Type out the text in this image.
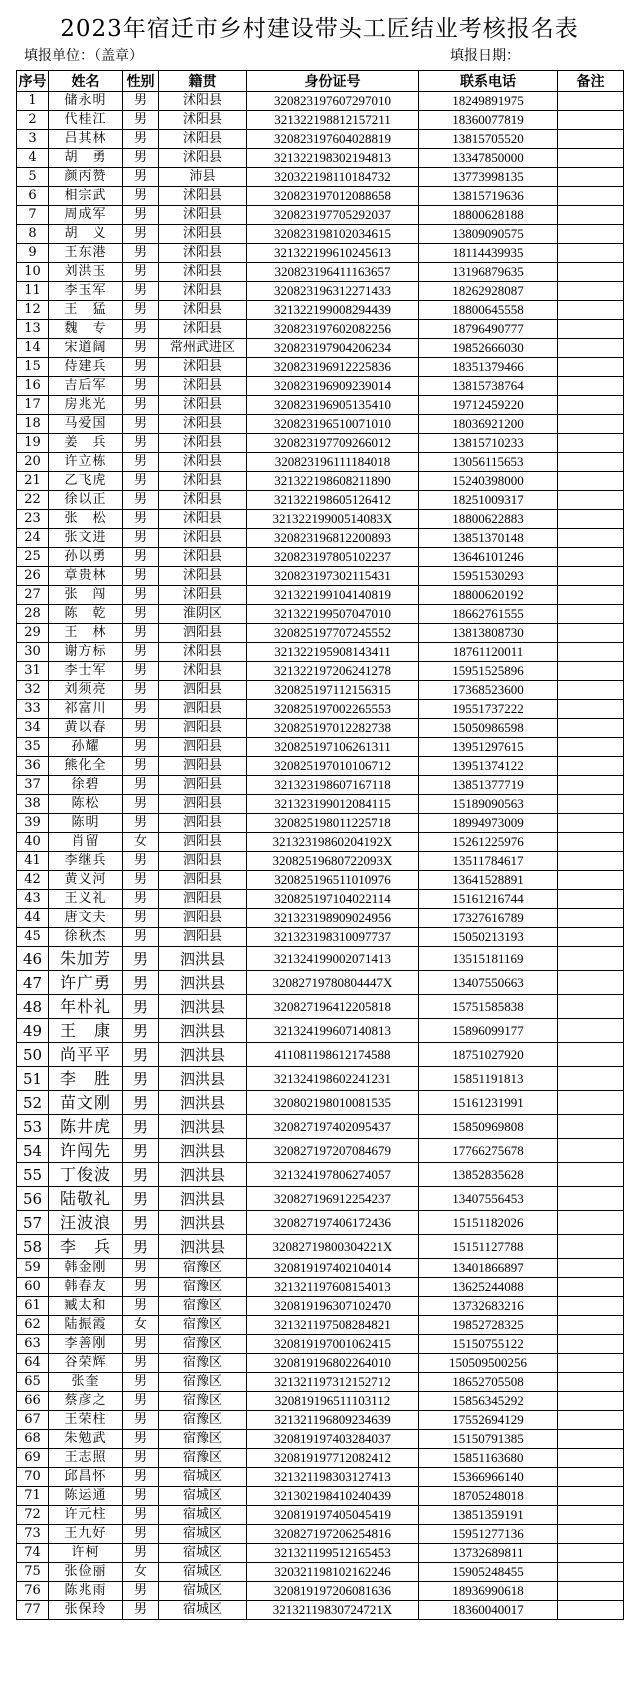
2023年宿迁市乡村建设带头工匠结业考核报名表
填报单位：（盖章）	填报日期：
序号	姓名	性别	籍贯	身份证号	联系电话	备注
1	储永明	男	沭阳县	320823197607297010	18249891975	
2	代桂江	男	沭阳县	321322198812157211	18360077819	
3	吕其林	男	沭阳县	320823197604028819	13815705520	
4	胡　勇	男	沭阳县	321322198302194813	13347850000	
5	颜丙赞	男	沛县	320322198110184732	13773998135	
6	相宗武	男	沭阳县	320823197012088658	13815719636	
7	周成军	男	沭阳县	320823197705292037	18800628188	
8	胡　义	男	沭阳县	320823198102034615	13809090575	
9	王东港	男	沭阳县	321322199610245613	18114439935	
10	刘洪玉	男	沭阳县	320823196411163657	13196879635	
11	李玉军	男	沭阳县	320823196312271433	18262928087	
12	王　猛	男	沭阳县	321322199008294439	18800645558	
13	魏　专	男	沭阳县	320823197602082256	18796490777	
14	宋道阔	男	常州武进区	320823197904206234	19852666030	
15	侍建兵	男	沭阳县	320823196912225836	18351379466	
16	吉后军	男	沭阳县	320823196909239014	13815738764	
17	房兆光	男	沭阳县	320823196905135410	19712459220	
18	马爱国	男	沭阳县	320823196510071010	18036921200	
19	姜　兵	男	沭阳县	320823197709266012	13815710233	
20	许立栋	男	沭阳县	320823196111184018	13056115653	
21	乙飞虎	男	沭阳县	321322198608211890	15240398000	
22	徐以正	男	沭阳县	321322198605126412	18251009317	
23	张　松	男	沭阳县	32132219900514083X	18800622883	
24	张文进	男	沭阳县	320823196812200893	13851370148	
25	孙以勇	男	沭阳县	320823197805102237	13646101246	
26	章贵林	男	沭阳县	320823197302115431	15951530293	
27	张　闯	男	沭阳县	321322199104140819	18800620192	
28	陈　乾	男	淮阴区	321322199507047010	18662761555	
29	王　林	男	泗阳县	320825197707245552	13813808730	
30	谢方标	男	沭阳县	321322195908143411	18761120011	
31	李士军	男	沭阳县	321322197206241278	15951525896	
32	刘须亮	男	泗阳县	320825197112156315	17368523600	
33	祁富川	男	泗阳县	320825197002265553	19551737222	
34	黄以春	男	泗阳县	320825197012282738	15050986598	
35	孙耀	男	泗阳县	320825197106261311	13951297615	
36	熊化全	男	泗阳县	320825197010106712	13951374122	
37	徐碧	男	泗阳县	321323198607167118	13851377719	
38	陈松	男	泗阳县	321323199012084115	15189090563	
39	陈明	男	泗阳县	320825198011225718	18994973009	
40	肖留	女	泗阳县	32132319860204192X	15261225976	
41	李继兵	男	泗阳县	32082519680722093X	13511784617	
42	黄义河	男	泗阳县	320825196511010976	13641528891	
43	王义礼	男	泗阳县	320825197104022114	15161216744	
44	唐文夫	男	泗阳县	321323198909024956	17327616789	
45	徐秋杰	男	泗阳县	321323198310097737	15050213193	
46	朱加芳	男	泗洪县	321324199002071413	13515181169	
47	许广勇	男	泗洪县	32082719780804447X	13407550663	
48	年朴礼	男	泗洪县	320827196412205818	15751585838	
49	王　康	男	泗洪县	321324199607140813	15896099177	
50	尚平平	男	泗洪县	411081198612174588	18751027920	
51	李　胜	男	泗洪县	321324198602241231	15851191813	
52	苗文刚	男	泗洪县	320802198010081535	15161231991	
53	陈井虎	男	泗洪县	320827197402095437	15850969808	
54	许闯先	男	泗洪县	320827197207084679	17766275678	
55	丁俊波	男	泗洪县	321324197806274057	13852835628	
56	陆敬礼	男	泗洪县	320827196912254237	13407556453	
57	汪波浪	男	泗洪县	320827197406172436	15151182026	
58	李　兵	男	泗洪县	32082719800304221X	15151127788	
59	韩金刚	男	宿豫区	320819197402104014	13401866897	
60	韩春友	男	宿豫区	321321197608154013	13625244088	
61	臧太和	男	宿豫区	320819196307102470	13732683216	
62	陆振霞	女	宿豫区	321321197508284821	19852728325	
63	李善刚	男	宿豫区	320819197001062415	15150755122	
64	谷荣辉	男	宿豫区	320819196802264010	150509500256	
65	张奎	男	宿豫区	321321197312152712	18652705508	
66	蔡彦之	男	宿豫区	320819196511103112	15856345292	
67	王荣柱	男	宿豫区	321321196809234639	17552694129	
68	朱勉武	男	宿豫区	320819197403284037	15150791385	
69	王志照	男	宿豫区	320819197712082412	15851163680	
70	邱昌怀	男	宿城区	321321198303127413	15366966140	
71	陈运通	男	宿城区	321302198410240439	18705248018	
72	许元柱	男	宿城区	320819197405045419	13851359191	
73	王九好	男	宿城区	320827197206254816	15951277136	
74	许柯	男	宿城区	321321199512165453	13732689811	
75	张俭丽	女	宿城区	320321198102162246	15905248455	
76	陈兆雨	男	宿城区	320819197206081636	18936990618	
77	张保玲	男	宿城区	32132119830724721X	18360040017	
